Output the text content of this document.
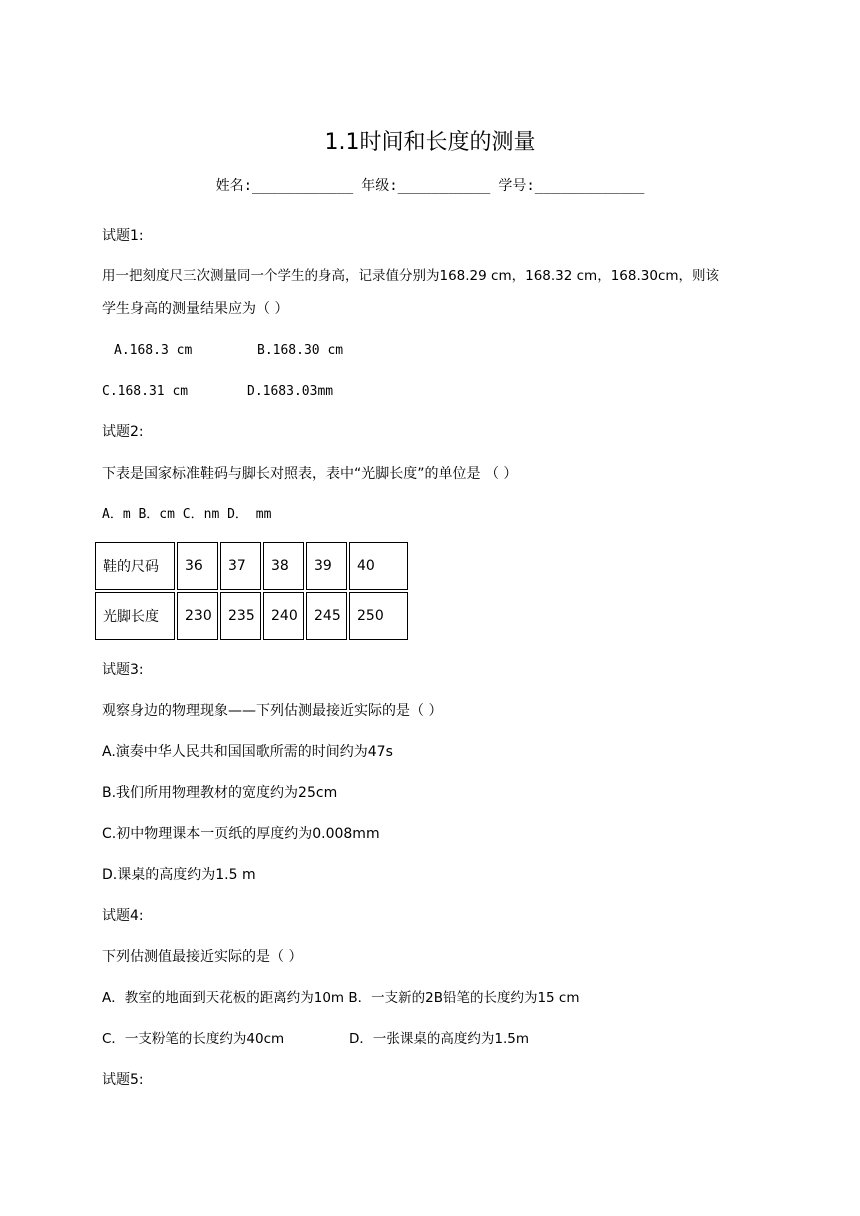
1.1时间和长度的测量
姓名:____________ 年级:___________ 学号:_____________
试题1:
用一把刻度尺三次测量同一个学生的身高，记录值分别为168.29 cm，168.32 cm，168.30cm，则该
学生身高的测量结果应为（ ）
A.168.3 cm	B.168.30 cm
C.168.31 cm	D.1683.03mm
试题2:
下表是国家标准鞋码与脚长对照表，表中“光脚长度”的单位是 （ ）
A．m B．cm C．nm D． mm
鞋的尺码	36	37	38	39	40
光脚长度	230	235	240	245	250
试题3:
观察身边的物理现象——下列估测最接近实际的是（ ）
A.演奏中华人民共和国国歌所需的时间约为47s
B.我们所用物理教材的宽度约为25cm
C.初中物理课本一页纸的厚度约为0.008mm
D.课桌的高度约为1.5 m
试题4:
下列估测值最接近实际的是（ ）
A．教室的地面到天花板的距离约为10m B．一支新的2B铅笔的长度约为15 cm
C．一支粉笔的长度约为40cm	D．一张课桌的高度约为1.5m
试题5:
